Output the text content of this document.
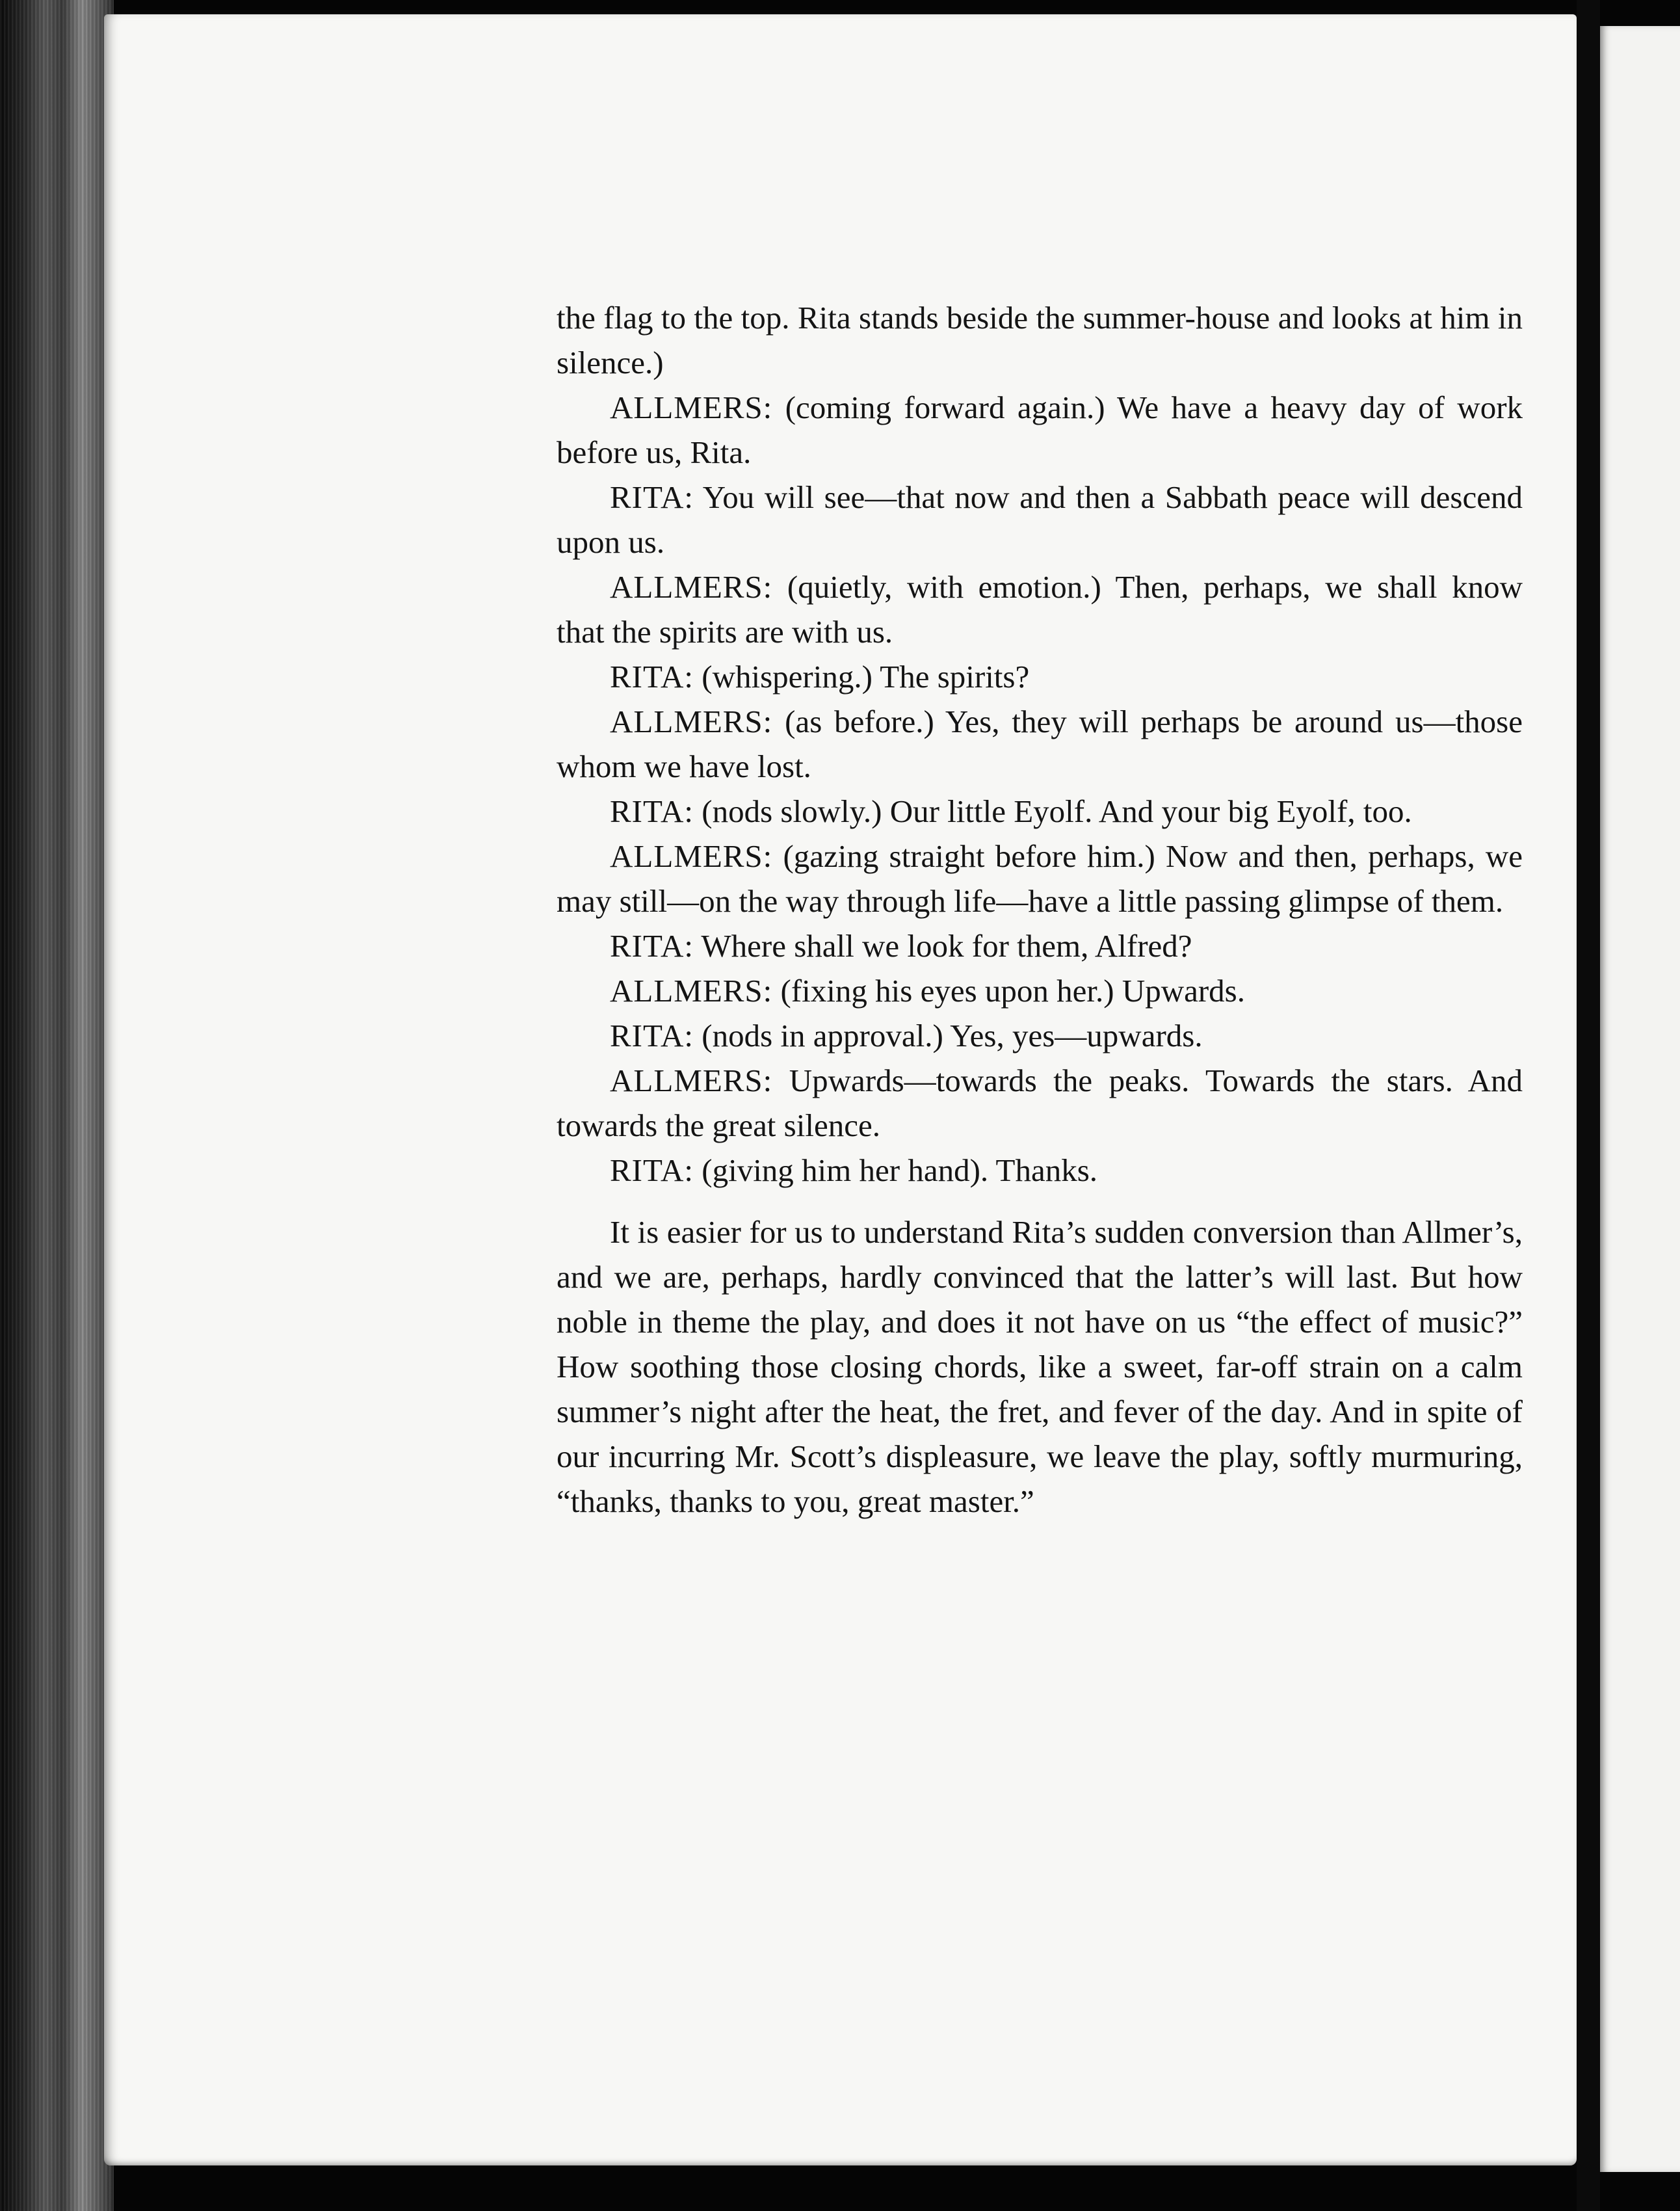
the flag to the top. Rita stands beside the summer-house and looks at him in silence.)

ALLMERS: (coming forward again.) We have a heavy day of work before us, Rita.

RITA: You will see—that now and then a Sabbath peace will descend upon us.

ALLMERS: (quietly, with emotion.) Then, perhaps, we shall know that the spirits are with us.

RITA: (whispering.) The spirits?

ALLMERS: (as before.) Yes, they will perhaps be around us—those whom we have lost.

RITA: (nods slowly.) Our little Eyolf. And your big Eyolf, too.

ALLMERS: (gazing straight before him.) Now and then, perhaps, we may still—on the way through life—have a little passing glimpse of them.

RITA: Where shall we look for them, Alfred?

ALLMERS: (fixing his eyes upon her.) Upwards.

RITA: (nods in approval.) Yes, yes—upwards.

ALLMERS: Upwards—towards the peaks. Towards the stars. And towards the great silence.

RITA: (giving him her hand). Thanks.

It is easier for us to understand Rita’s sudden conversion than Allmer’s, and we are, perhaps, hardly convinced that the latter’s will last. But how noble in theme the play, and does it not have on us “the effect of music?” How soothing those closing chords, like a sweet, far-off strain on a calm summer’s night after the heat, the fret, and fever of the day. And in spite of our incurring Mr. Scott’s displeasure, we leave the play, softly murmuring, “thanks, thanks to you, great master.”
